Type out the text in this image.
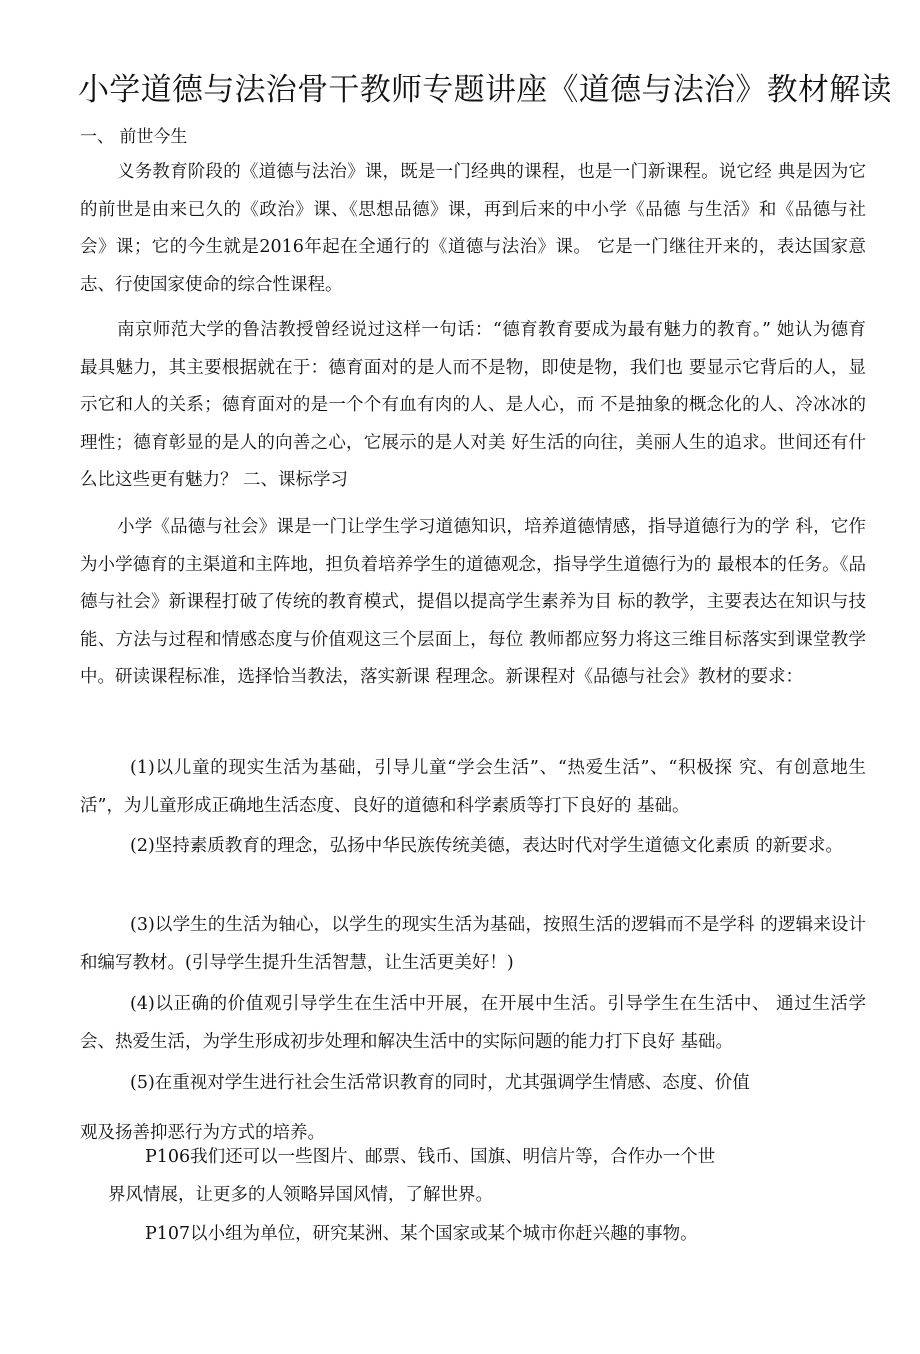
小学道德与法治骨干教师专题讲座《道德与法治》教材解读
一、 前世今生

义务教育阶段的《道德与法治》课，既是一门经典的课程，也是一门新课程。说它经 典是因为它的前世是由来已久的《政治》课、《思想品德》课，再到后来的中小学《品德 与生活》和《品德与社会》课；它的今生就是2016年起在全通行的《道德与法治》课。 它是一门继往开来的，表达国家意志、行使国家使命的综合性课程。

南京师范大学的鲁洁教授曾经说过这样一句话：“德育教育要成为最有魅力的教育。” 她认为德育最具魅力，其主要根据就在于：德育面对的是人而不是物，即使是物，我们也 要显示它背后的人，显示它和人的关系；德育面对的是一个个有血有肉的人、是人心，而 不是抽象的概念化的人、冷冰冰的理性；德育彰显的是人的向善之心，它展示的是人对美 好生活的向往，美丽人生的追求。世间还有什么比这些更有魅力？ 二、课标学习

小学《品德与社会》课是一门让学生学习道德知识，培养道德情感，指导道德行为的学 科，它作为小学德育的主渠道和主阵地，担负着培养学生的道德观念，指导学生道德行为的 最根本的任务。《品德与社会》新课程打破了传统的教育模式，提倡以提高学生素养为目 标的教学，主要表达在知识与技能、方法与过程和情感态度与价值观这三个层面上，每位 教师都应努力将这三维目标落实到课堂教学中。研读课程标准，选择恰当教法，落实新课 程理念。新课程对《品德与社会》教材的要求：

(1)以儿童的现实生活为基础，引导儿童“学会生活”、“热爱生活”、“积极探 究、有创意地生活”，为儿童形成正确地生活态度、良好的道德和科学素质等打下良好的 基础。

(2)坚持素质教育的理念，弘扬中华民族传统美德，表达时代对学生道德文化素质 的新要求。

(3)以学生的生活为轴心，以学生的现实生活为基础，按照生活的逻辑而不是学科 的逻辑来设计和编写教材。(引导学生提升生活智慧，让生活更美好！)

(4)以正确的价值观引导学生在生活中开展，在开展中生活。引导学生在生活中、 通过生活学会、热爱生活，为学生形成初步处理和解决生活中的实际问题的能力打下良好 基础。

(5)在重视对学生进行社会生活常识教育的同时，尤其强调学生情感、态度、价值
观及扬善抑恶行为方式的培养。
P106我们还可以一些图片、邮票、钱币、国旗、明信片等，合作办一个世
界风情展，让更多的人领略异国风情，了解世界。
P107以小组为单位，研究某洲、某个国家或某个城市你赶兴趣的事物。
